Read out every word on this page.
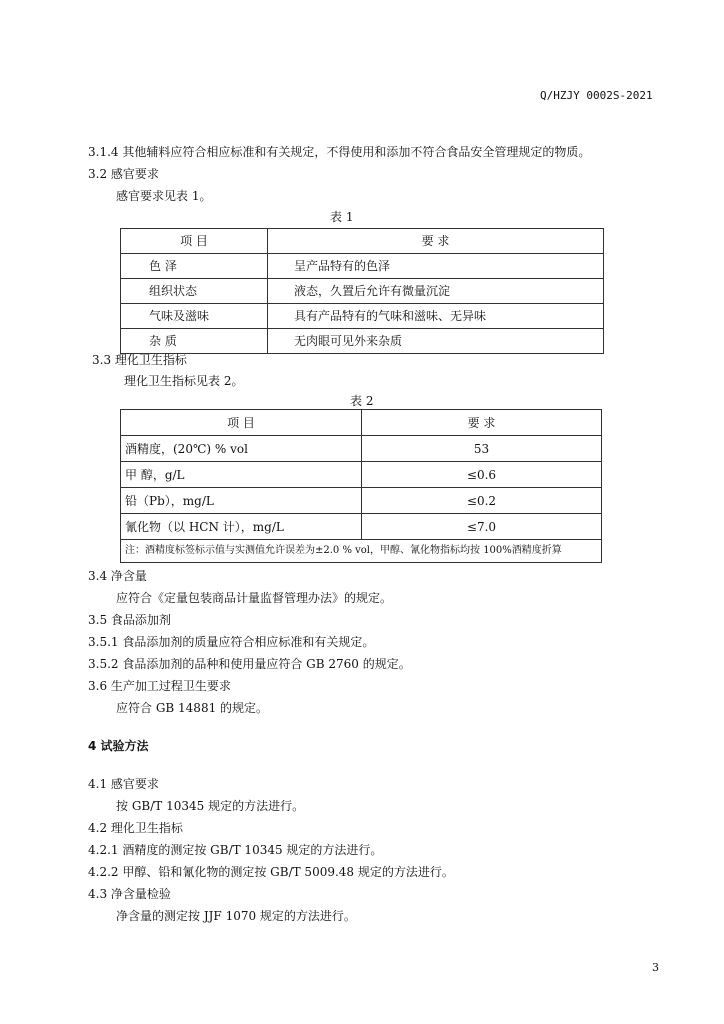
Q/HZJY 0002S-2021
3.1.4 其他辅料应符合相应标准和有关规定，不得使用和添加不符合食品安全管理规定的物质。
3.2 感官要求
感官要求见表 1。
表 1
项 目	要 求
色 泽	呈产品特有的色泽
组织状态	液态，久置后允许有微量沉淀
气味及滋味	具有产品特有的气味和滋味、无异味
杂 质	无肉眼可见外来杂质
3.3 理化卫生指标
理化卫生指标见表 2。
表 2
项 目	要 求
酒精度，(20℃) % vol	53
甲 醇，g/L	≤0.6
铅（Pb），mg/L	≤0.2
氰化物（以 HCN 计），mg/L	≤7.0
注：酒精度标签标示值与实测值允许误差为±2.0 % vol，甲醇、氰化物指标均按 100%酒精度折算	
3.4 净含量
应符合《定量包装商品计量监督管理办法》的规定。
3.5 食品添加剂
3.5.1 食品添加剂的质量应符合相应标准和有关规定。
3.5.2 食品添加剂的品种和使用量应符合 GB 2760 的规定。
3.6 生产加工过程卫生要求
应符合 GB 14881 的规定。
4 试验方法
4.1 感官要求
按 GB/T 10345 规定的方法进行。
4.2 理化卫生指标
4.2.1 酒精度的测定按 GB/T 10345 规定的方法进行。
4.2.2 甲醇、铅和氰化物的测定按 GB/T 5009.48 规定的方法进行。
4.3 净含量检验
净含量的测定按 JJF 1070 规定的方法进行。
3
